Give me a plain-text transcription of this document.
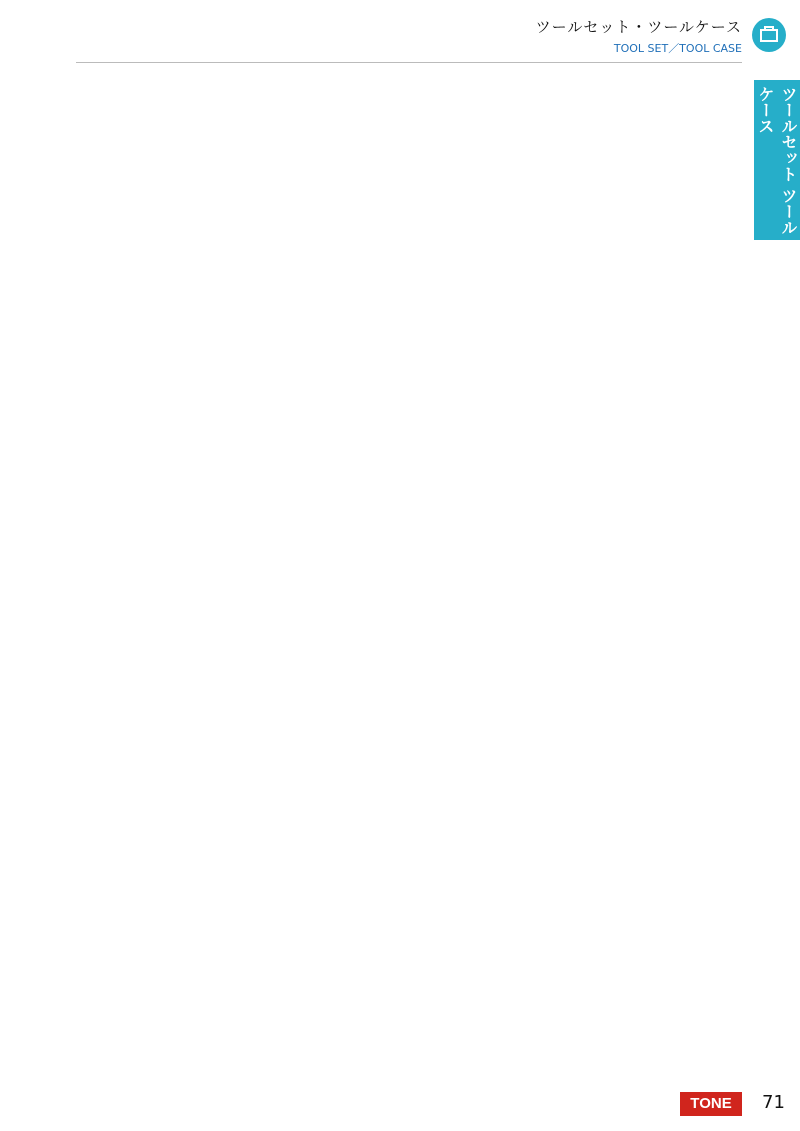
ツールセット・ツールケース
TOOL SET／TOOL CASE
ツールセット ツールケース
TONE	71
